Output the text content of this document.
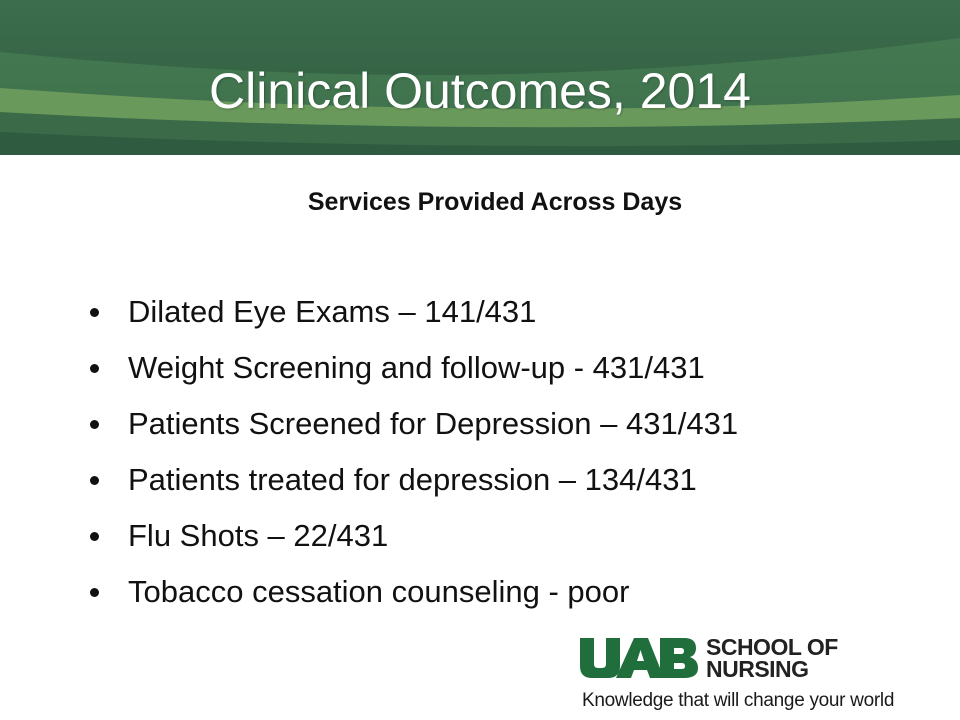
Clinical Outcomes, 2014
Services Provided Across Days
Dilated Eye Exams – 141/431
Weight Screening and follow-up - 431/431
Patients Screened for Depression – 431/431
Patients treated for depression – 134/431
Flu Shots – 22/431
Tobacco cessation counseling - poor
SCHOOL OF
NURSING
Knowledge that will change your world
